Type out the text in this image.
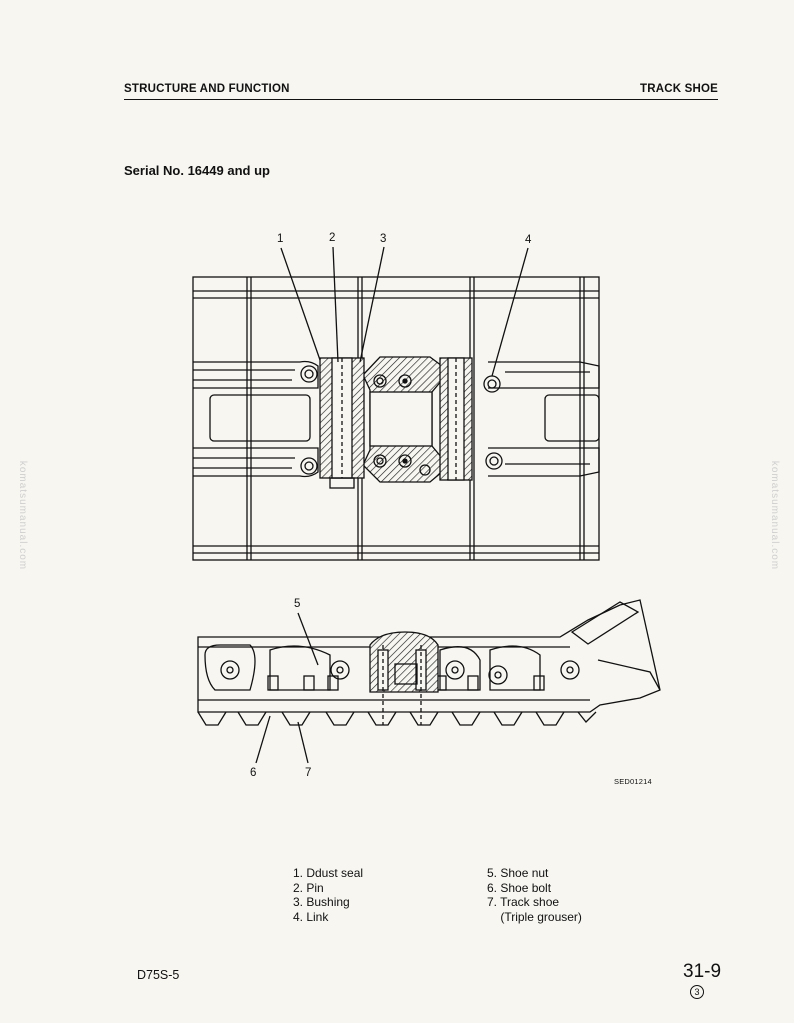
STRUCTURE AND FUNCTION	TRACK SHOE
Serial No. 16449 and up
1	2	3	4
5
6	7
SED01214
1. Ddust seal
2. Pin
3. Bushing
4. Link
5. Shoe nut
6. Shoe bolt
7. Track shoe
(Triple grouser)
D75S-5	31-9
3
komatsumanual.com	komatsumanual.com
